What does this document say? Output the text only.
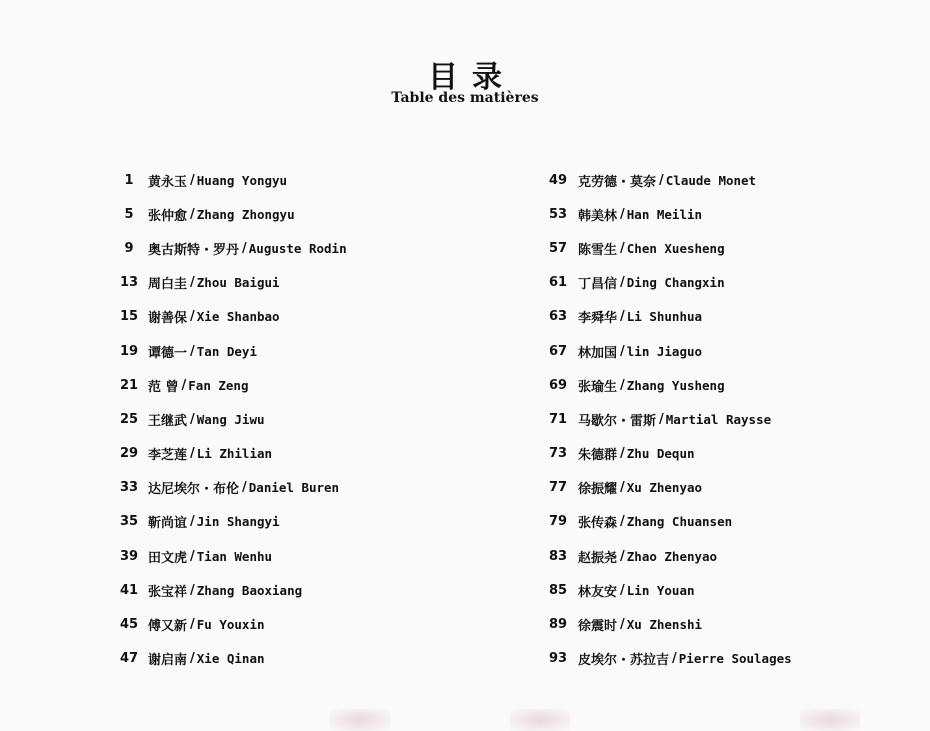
目录
Table des matières
1	黄永玉 / Huang Yongyu
5	张仲愈 / Zhang Zhongyu
9	奥古斯特・罗丹 / Auguste Rodin
13 周白圭 / Zhou Baigui
15 谢善保 / Xie Shanbao
19 谭德一 / Tan Deyi
21 范 曾 / Fan Zeng
25 王继武 / Wang Jiwu
29 李芝莲 / Li Zhilian
33 达尼埃尔・布伦 / Daniel Buren
35 靳尚谊 / Jin Shangyi
39 田文虎 / Tian Wenhu
41 张宝祥 / Zhang Baoxiang
45 傅又新 / Fu Youxin
47 谢启南 / Xie Qinan
49 克劳德・莫奈 / Claude Monet
53 韩美林 / Han Meilin
57 陈雪生 / Chen Xuesheng
61 丁昌信 / Ding Changxin
63 李舜华 / Li Shunhua
67 林加国 / lin Jiaguo
69 张瑜生 / Zhang Yusheng
71 马歇尔・雷斯 / Martial Raysse
73 朱德群 / Zhu Dequn
77 徐振耀 / Xu Zhenyao
79 张传森 / Zhang Chuansen
83 赵振尧 / Zhao Zhenyao
85 林友安 / Lin Youan
89 徐震时 / Xu Zhenshi
93 皮埃尔・苏拉吉 / Pierre Soulages
